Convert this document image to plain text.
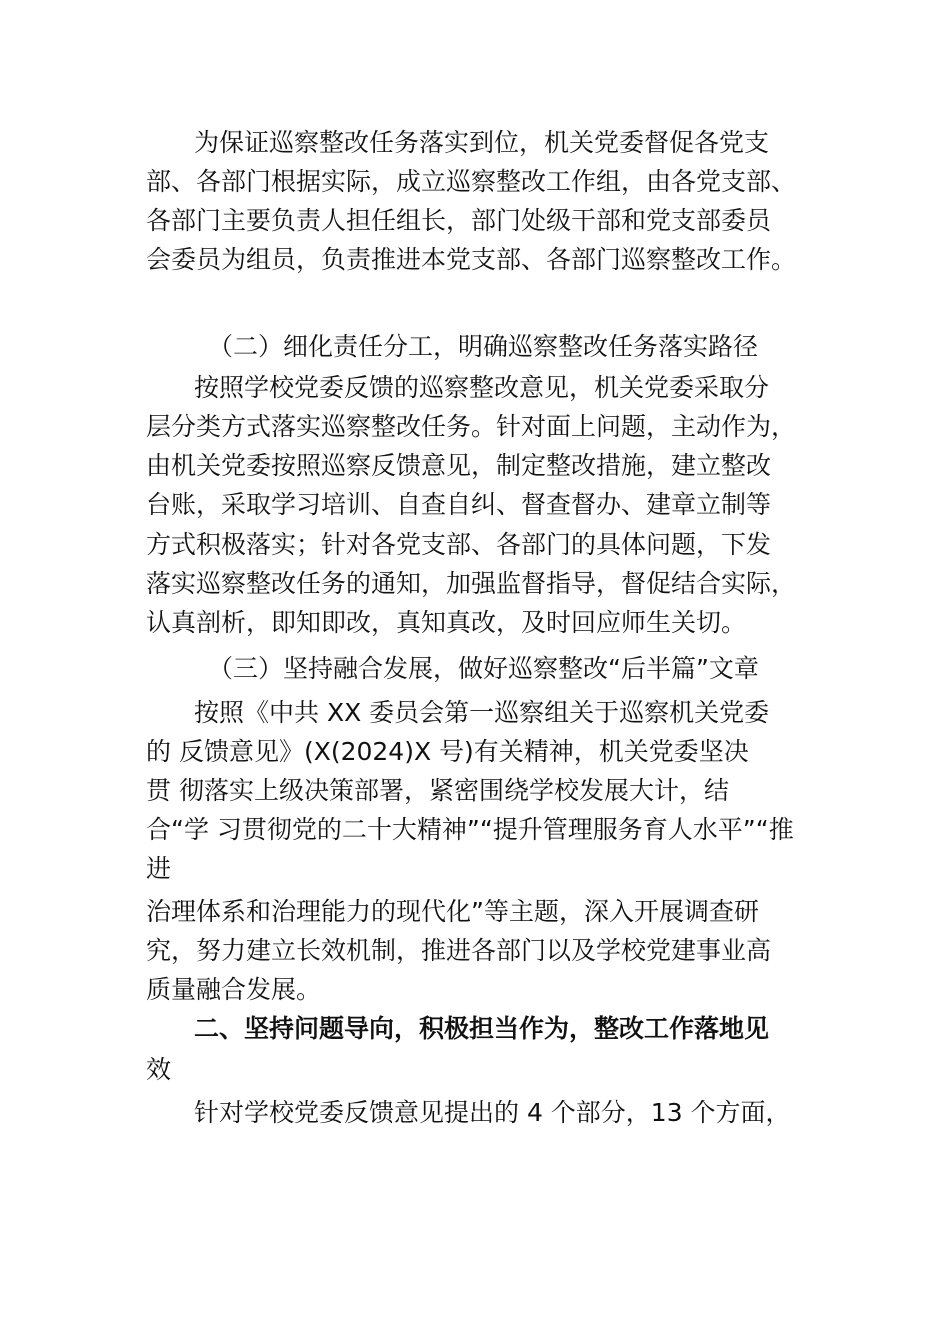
为保证巡察整改任务落实到位，机关党委督促各党支

部、各部门根据实际，成立巡察整改工作组，由各党支部、

各部门主要负责人担任组长，部门处级干部和党支部委员

会委员为组员，负责推进本党支部、各部门巡察整改工作。

（二）细化责任分工，明确巡察整改任务落实路径

按照学校党委反馈的巡察整改意见，机关党委采取分

层分类方式落实巡察整改任务。针对面上问题，主动作为，

由机关党委按照巡察反馈意见，制定整改措施，建立整改

台账，采取学习培训、自查自纠、督查督办、建章立制等

方式积极落实；针对各党支部、各部门的具体问题，下发

落实巡察整改任务的通知，加强监督指导，督促结合实际，

认真剖析，即知即改，真知真改，及时回应师生关切。

（三）坚持融合发展，做好巡察整改“后半篇”文章

按照《中共 XX 委员会第一巡察组关于巡察机关党委

的 反馈意见》(X(2024)X 号)有关精神，机关党委坚决

贯 彻落实上级决策部署，紧密围绕学校发展大计，结

合“学 习贯彻党的二十大精神”“提升管理服务育人水平”“推

进

治理体系和治理能力的现代化”等主题，深入开展调查研

究，努力建立长效机制，推进各部门以及学校党建事业高

质量融合发展。

二、坚持问题导向，积极担当作为，整改工作落地见

效

针对学校党委反馈意见提出的 4 个部分，13 个方面，
